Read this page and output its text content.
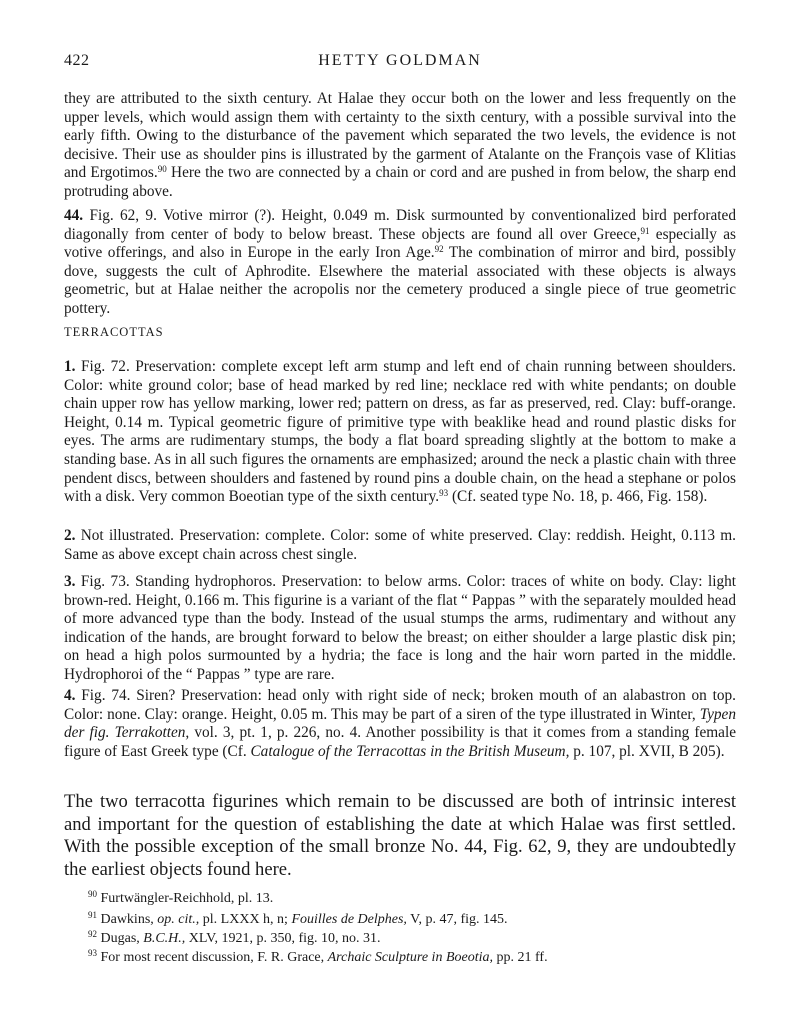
422	HETTY GOLDMAN

they are attributed to the sixth century. At Halae they occur both on the lower and less frequently on the upper levels, which would assign them with certainty to the sixth century, with a possible survival into the early fifth. Owing to the disturbance of the pavement which separated the two levels, the evidence is not decisive. Their use as shoulder pins is illustrated by the garment of Atalante on the François vase of Klitias and Ergotimos.$^{90}$ Here the two are connected by a chain or cord and are pushed in from below, the sharp end protruding above.

44. Fig. 62, 9. Votive mirror (?). Height, 0.049 m. Disk surmounted by conventionalized bird perforated diagonally from center of body to below breast. These objects are found all over Greece,$^{91}$ especially as votive offerings, and also in Europe in the early Iron Age.$^{92}$ The combination of mirror and bird, possibly dove, suggests the cult of Aphrodite. Elsewhere the material associated with these objects is always geometric, but at Halae neither the acropolis nor the cemetery produced a single piece of true geometric pottery.

TERRACOTTAS

1. Fig. 72. Preservation: complete except left arm stump and left end of chain running between shoulders. Color: white ground color; base of head marked by red line; necklace red with white pendants; on double chain upper row has yellow marking, lower red; pattern on dress, as far as preserved, red. Clay: buff-orange. Height, 0.14 m. Typical geometric figure of primitive type with beaklike head and round plastic disks for eyes. The arms are rudimentary stumps, the body a flat board spreading slightly at the bottom to make a standing base. As in all such figures the ornaments are emphasized; around the neck a plastic chain with three pendent discs, between shoulders and fastened by round pins a double chain, on the head a stephane or polos with a disk. Very common Boeotian type of the sixth century.$^{93}$ (Cf. seated type No. 18, p. 466, Fig. 158).

2. Not illustrated. Preservation: complete. Color: some of white preserved. Clay: reddish. Height, 0.113 m. Same as above except chain across chest single.

3. Fig. 73. Standing hydrophoros. Preservation: to below arms. Color: traces of white on body. Clay: light brown-red. Height, 0.166 m. This figurine is a variant of the flat “ Pappas ” with the separately moulded head of more advanced type than the body. Instead of the usual stumps the arms, rudimentary and without any indication of the hands, are brought forward to below the breast; on either shoulder a large plastic disk pin; on head a high polos surmounted by a hydria; the face is long and the hair worn parted in the middle. Hydrophoroi of the “ Pappas ” type are rare.

4. Fig. 74. Siren? Preservation: head only with right side of neck; broken mouth of an alabastron on top. Color: none. Clay: orange. Height, 0.05 m. This may be part of a siren of the type illustrated in Winter, Typen der fig. Terrakotten, vol. 3, pt. 1, p. 226, no. 4. Another possibility is that it comes from a standing female figure of East Greek type (Cf. Catalogue of the Terracottas in the British Museum, p. 107, pl. XVII, B 205).

The two terracotta figurines which remain to be discussed are both of intrinsic interest and important for the question of establishing the date at which Halae was first settled. With the possible exception of the small bronze No. 44, Fig. 62, 9, they are undoubtedly the earliest objects found here.

$^{90}$ Furtwängler-Reichhold, pl. 13.
$^{91}$ Dawkins, op. cit., pl. LXXX h, n; Fouilles de Delphes, V, p. 47, fig. 145.
$^{92}$ Dugas, B.C.H., XLV, 1921, p. 350, fig. 10, no. 31.
$^{93}$ For most recent discussion, F. R. Grace, Archaic Sculpture in Boeotia, pp. 21 ff.
